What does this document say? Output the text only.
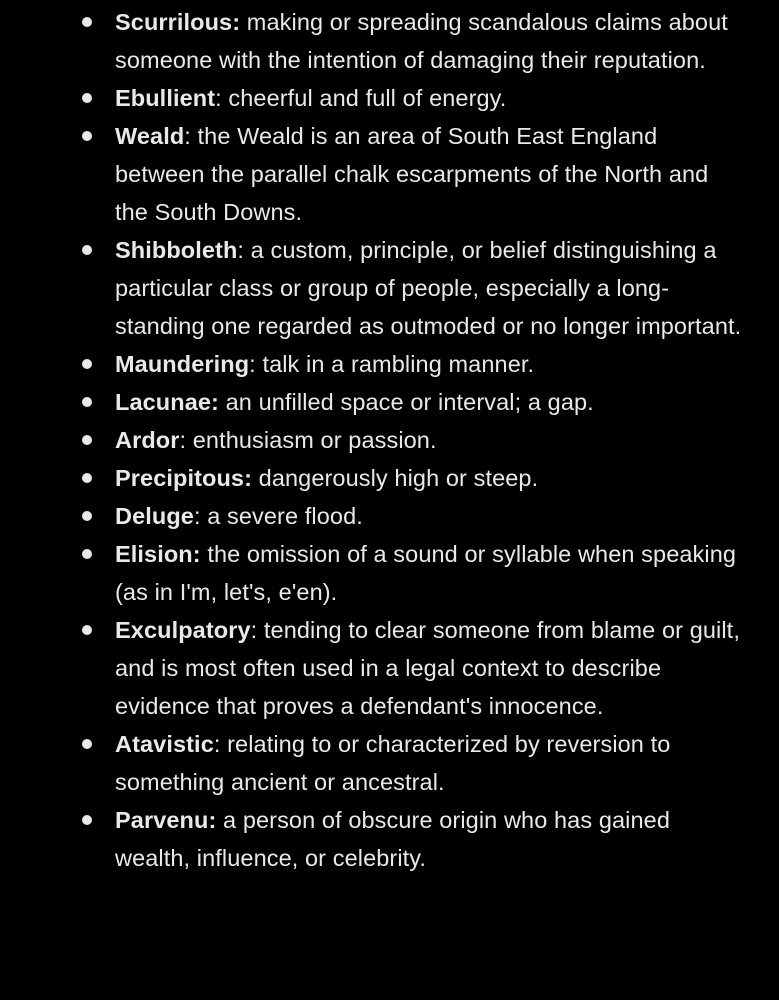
Scurrilous: making or spreading scandalous claims about someone with the intention of damaging their reputation.
Ebullient: cheerful and full of energy.
Weald: the Weald is an area of South East England between the parallel chalk escarpments of the North and the South Downs.
Shibboleth: a custom, principle, or belief distinguishing a particular class or group of people, especially a long-standing one regarded as outmoded or no longer important.
Maundering: talk in a rambling manner.
Lacunae: an unfilled space or interval; a gap.
Ardor: enthusiasm or passion.
Precipitous: dangerously high or steep.
Deluge: a severe flood.
Elision: the omission of a sound or syllable when speaking (as in I'm, let's, e'en).
Exculpatory: tending to clear someone from blame or guilt, and is most often used in a legal context to describe evidence that proves a defendant's innocence.
Atavistic: relating to or characterized by reversion to something ancient or ancestral.
Parvenu: a person of obscure origin who has gained wealth, influence, or celebrity.
